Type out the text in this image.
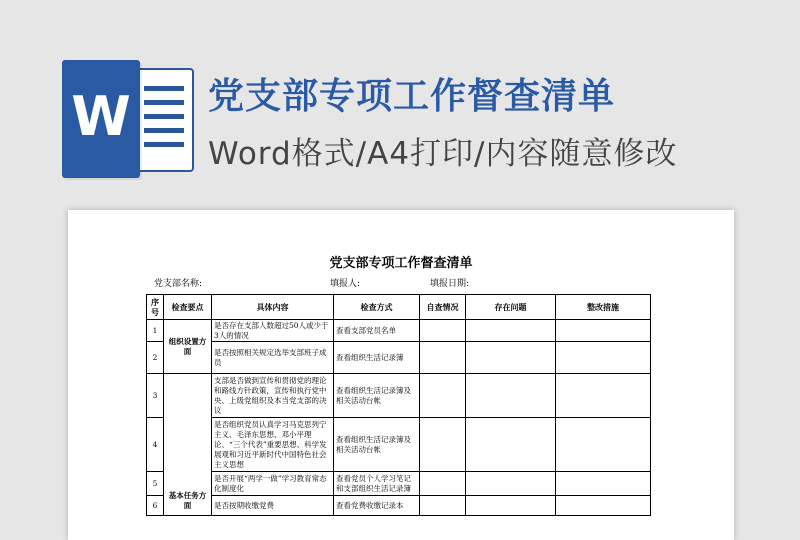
W 党支部专项工作督查清单
Word格式/A4打印/内容随意修改
党支部专项工作督查清单
党支部名称:	填报人:	填报日期:
序号	检查要点	具体内容	检查方式	自查情况	存在问题	整改措施
1	组织设置方面	是否存在支部人数超过50人或少于3人的情况	查看支部党员名单			
2		是否按照相关规定选举支部班子成员	查看组织生活记录簿			
3	基本任务方面	支部是否做到宣传和贯彻党的理论和路线方针政策，宣传和执行党中央、上级党组织及本当党支部的决议	查看组织生活记录簿及相关活动台帐			
4		是否组织党员认真学习马克思列宁主义、毛泽东思想、邓小平理论、“三个代表”重要思想、科学发展观和习近平新时代中国特色社会主义思想	查看组织生活记录簿及相关活动台帐			
5		是否开展“两学一做”学习教育常态化制度化	查看党员个人学习笔记和支部组织生活记录簿			
6		是否按期收缴党费	查看党费收缴记录本			
